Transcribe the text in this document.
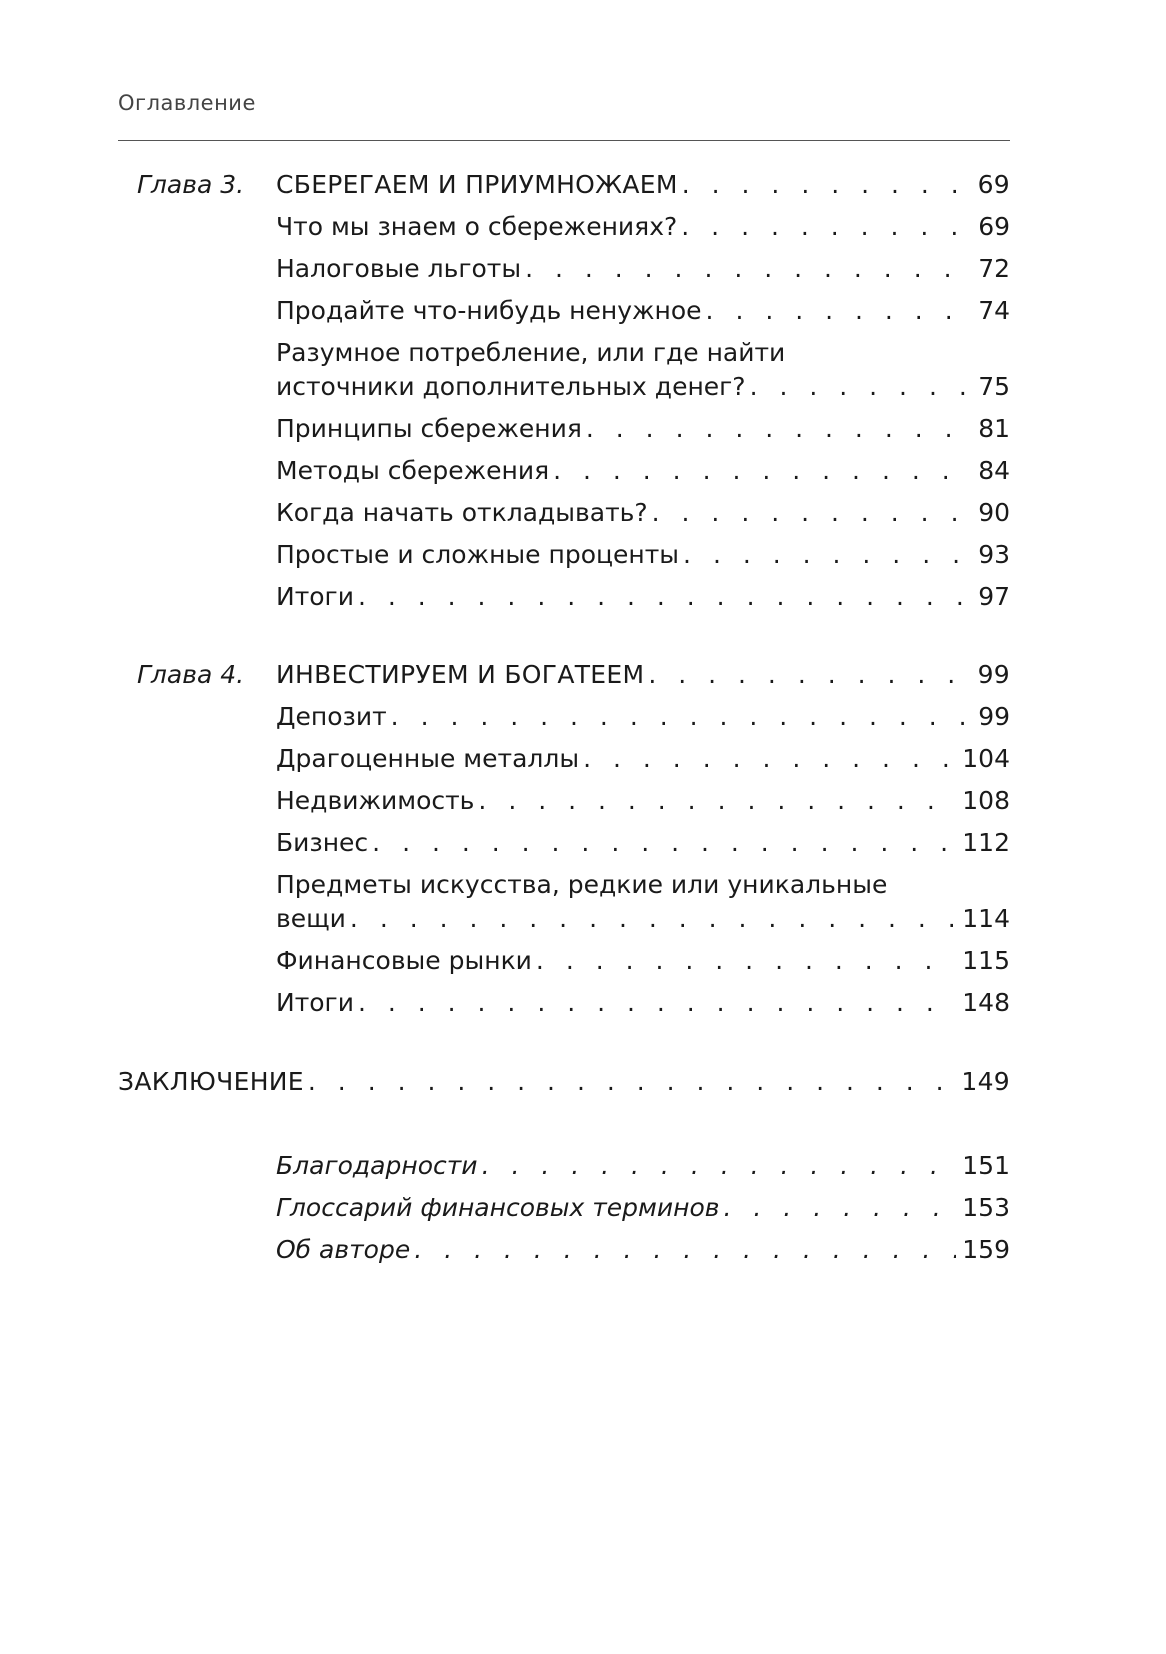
Оглавление
Глава 3. СБЕРЕГАЕМ И ПРИУМНОЖАЕМ . . .	69
Что мы знаем о сбережениях? . . .	69
Налоговые льготы . . .	72
Продайте что-нибудь ненужное . . .	74
Разумное потребление, или где найти
источники дополнительных денег? . . .	75
Принципы сбережения . . .	81
Методы сбережения . . .	84
Когда начать откладывать? . . .	90
Простые и сложные проценты . . .	93
Итоги . . .	97
Глава 4. ИНВЕСТИРУЕМ И БОГАТЕЕМ . . .	99
Депозит . . .	99
Драгоценные металлы . . .	104
Недвижимость . . .	108
Бизнес . . .	112
Предметы искусства, редкие или уникальные
вещи . . .	114
Финансовые рынки . . .	115
Итоги . . .	148
ЗАКЛЮЧЕНИЕ . . .	149
Благодарности . . .	151
Глоссарий финансовых терминов . . .	153
Об авторе . . .	159
